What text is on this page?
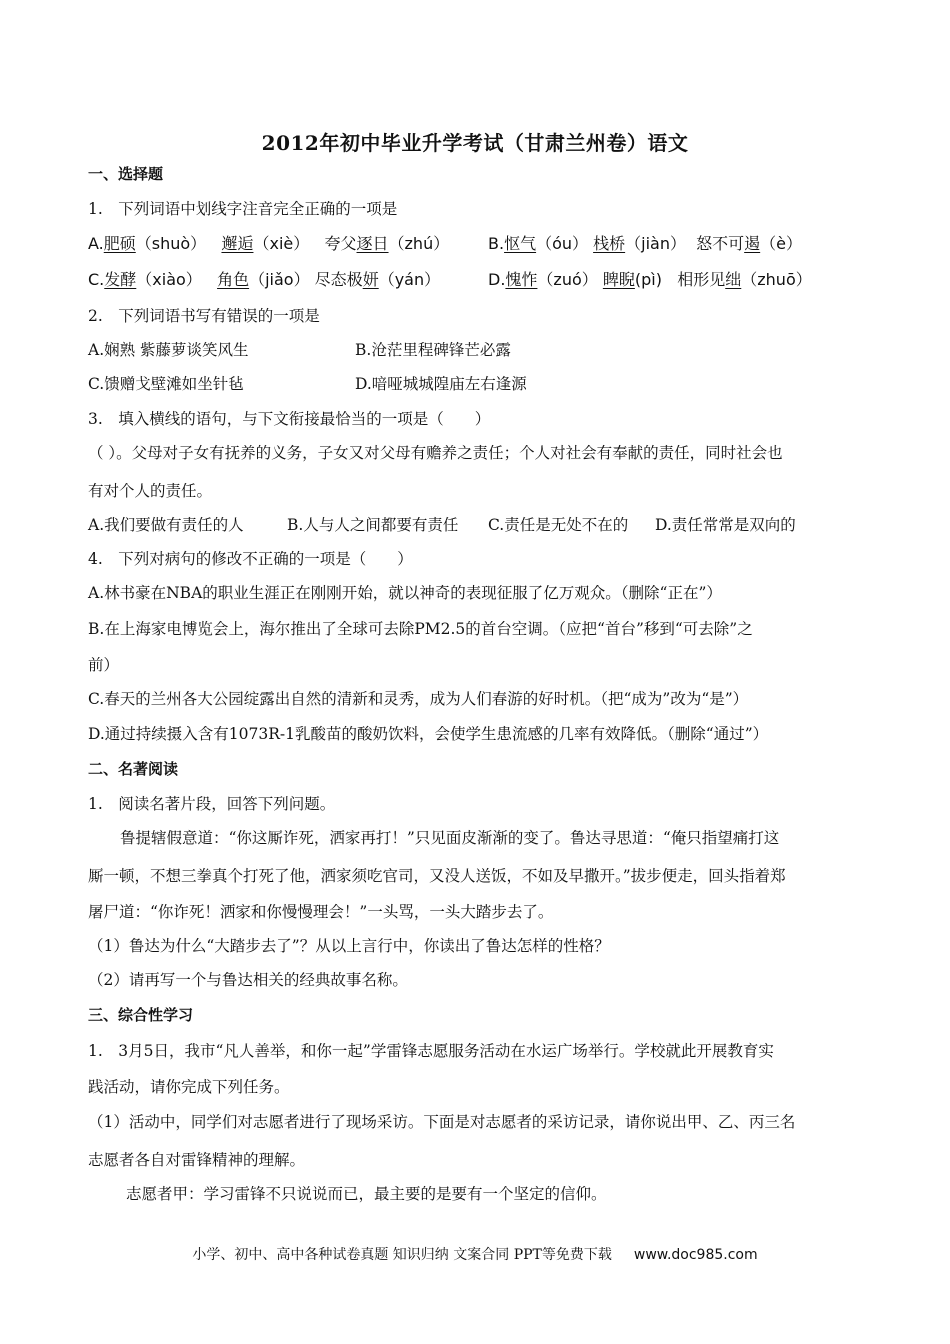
2012年初中毕业升学考试（甘肃兰州卷）语文
一、选择题
1.　下列词语中划线字注音完全正确的一项是
A.肥硕（shuò） 邂逅（xiè） 夸父逐日（zhú） B.怄气（óu） 栈桥（jiàn） 怒不可遏（è）
C.发酵（xiào） 角色（jiǎo） 尽态极妍（yán）	D.愧怍（zuó） 睥睨(pì) 相形见绌（zhuō）
2.　下列词语书写有错误的一项是
A.娴熟 紫藤萝谈笑风生	B.沧茫里程碑锋芒必露
C.馈赠戈壁滩如坐针毡	D.喑哑城城隍庙左右逢源
3.　填入横线的语句，与下文衔接最恰当的一项是（　　）
（ ）。父母对子女有抚养的义务，子女又对父母有赡养之责任；个人对社会有奉献的责任，同时社会也
有对个人的责任。
A.我们要做有责任的人	B.人与人之间都要有责任 C.责任是无处不在的 D.责任常常是双向的
4.　下列对病句的修改不正确的一项是（　　）
A.林书豪在NBA的职业生涯正在刚刚开始，就以神奇的表现征服了亿万观众。（删除“正在”）
B.在上海家电博览会上，海尔推出了全球可去除PM2.5的首台空调。（应把“首台”移到“可去除”之
前）
C.春天的兰州各大公园绽露出自然的清新和灵秀，成为人们春游的好时机。（把“成为”改为“是”）
D.通过持续摄入含有1073R-1乳酸苗的酸奶饮料，会使学生患流感的几率有效降低。（删除“通过”）
二、名著阅读
1.　阅读名著片段，回答下列问题。
鲁提辖假意道：“你这厮诈死，洒家再打！”只见面皮渐渐的变了。鲁达寻思道：“俺只指望痛打这
厮一顿，不想三拳真个打死了他，洒家须吃官司，又没人送饭，不如及早撒开。”拔步便走，回头指着郑
屠尸道：“你诈死！洒家和你慢慢理会！”一头骂，一头大踏步去了。
（1）鲁达为什么“大踏步去了”？从以上言行中，你读出了鲁达怎样的性格？
（2）请再写一个与鲁达相关的经典故事名称。
三、综合性学习
1.　3月5日，我市“凡人善举，和你一起”学雷锋志愿服务活动在水运广场举行。学校就此开展教育实
践活动，请你完成下列任务。
（1）活动中，同学们对志愿者进行了现场采访。下面是对志愿者的采访记录，请你说出甲、乙、丙三名
志愿者各自对雷锋精神的理解。
志愿者甲：学习雷锋不只说说而已，最主要的是要有一个坚定的信仰。
小学、初中、高中各种试卷真题 知识归纳 文案合同 PPT等免费下载 www.doc985.com
